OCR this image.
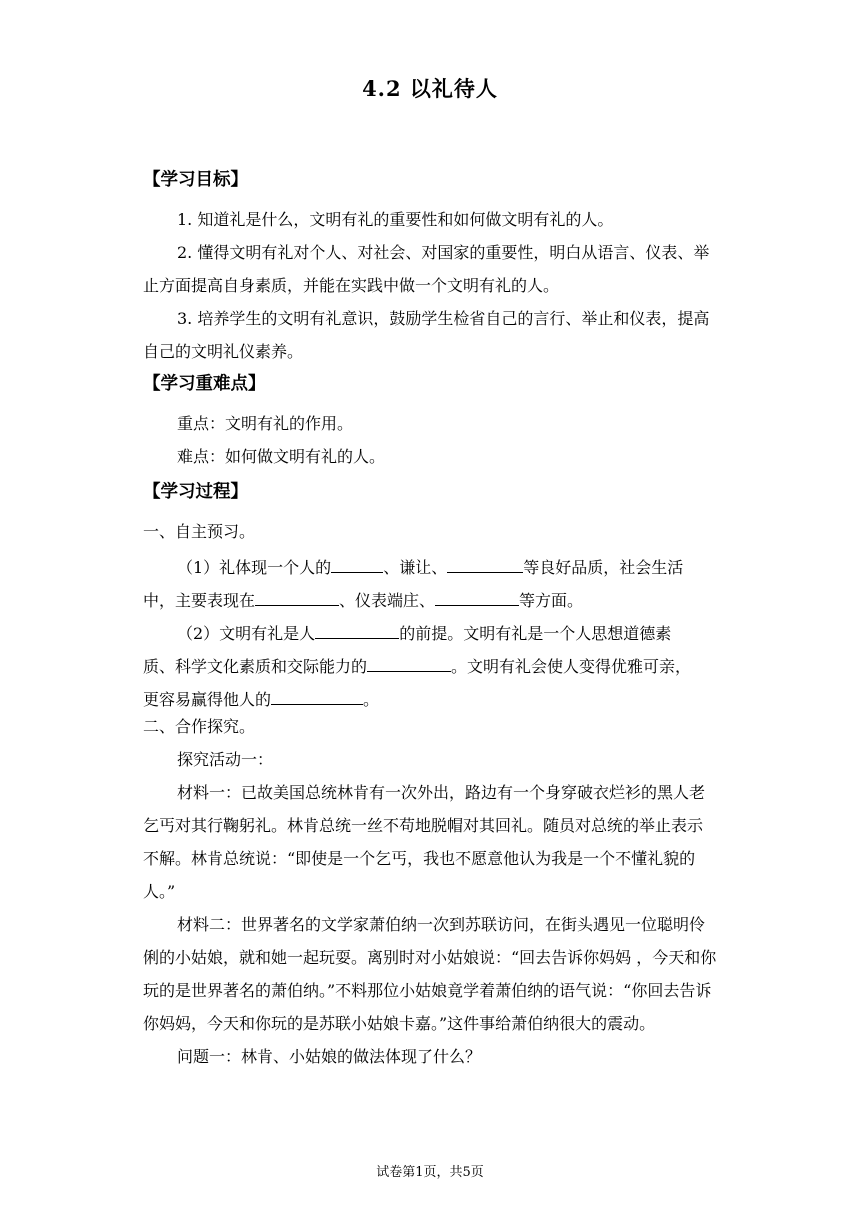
4.2 以礼待人
【学习目标】
1. 知道礼是什么，文明有礼的重要性和如何做文明有礼的人。
2. 懂得文明有礼对个人、对社会、对国家的重要性，明白从语言、仪表、举止方面提高自身素质，并能在实践中做一个文明有礼的人。
3. 培养学生的文明有礼意识，鼓励学生检省自己的言行、举止和仪表，提高自己的文明礼仪素养。
【学习重难点】
重点：文明有礼的作用。
难点：如何做文明有礼的人。
【学习过程】
一、自主预习。
（1）礼体现一个人的	、谦让、	等良好品质，社会生活
中，主要表现在	、仪表端庄、	等方面。
（2）文明有礼是人	的前提。文明有礼是一个人思想道德素
质、科学文化素质和交际能力的	。文明有礼会使人变得优雅可亲，
更容易赢得他人的	。
二、合作探究。
探究活动一：
材料一：已故美国总统林肯有一次外出，路边有一个身穿破衣烂衫的黑人老乞丐对其行鞠躬礼。林肯总统一丝不苟地脱帽对其回礼。随员对总统的举止表示不解。林肯总统说：“即使是一个乞丐，我也不愿意他认为我是一个不懂礼貌的人。”
材料二：世界著名的文学家萧伯纳一次到苏联访问，在街头遇见一位聪明伶俐的小姑娘，就和她一起玩耍。离别时对小姑娘说：“回去告诉你妈妈 ，今天和你玩的是世界著名的萧伯纳。”不料那位小姑娘竟学着萧伯纳的语气说：“你回去告诉你妈妈，今天和你玩的是苏联小姑娘卡嘉。”这件事给萧伯纳很大的震动。
问题一：林肯、小姑娘的做法体现了什么？
试卷第1页，共5页
